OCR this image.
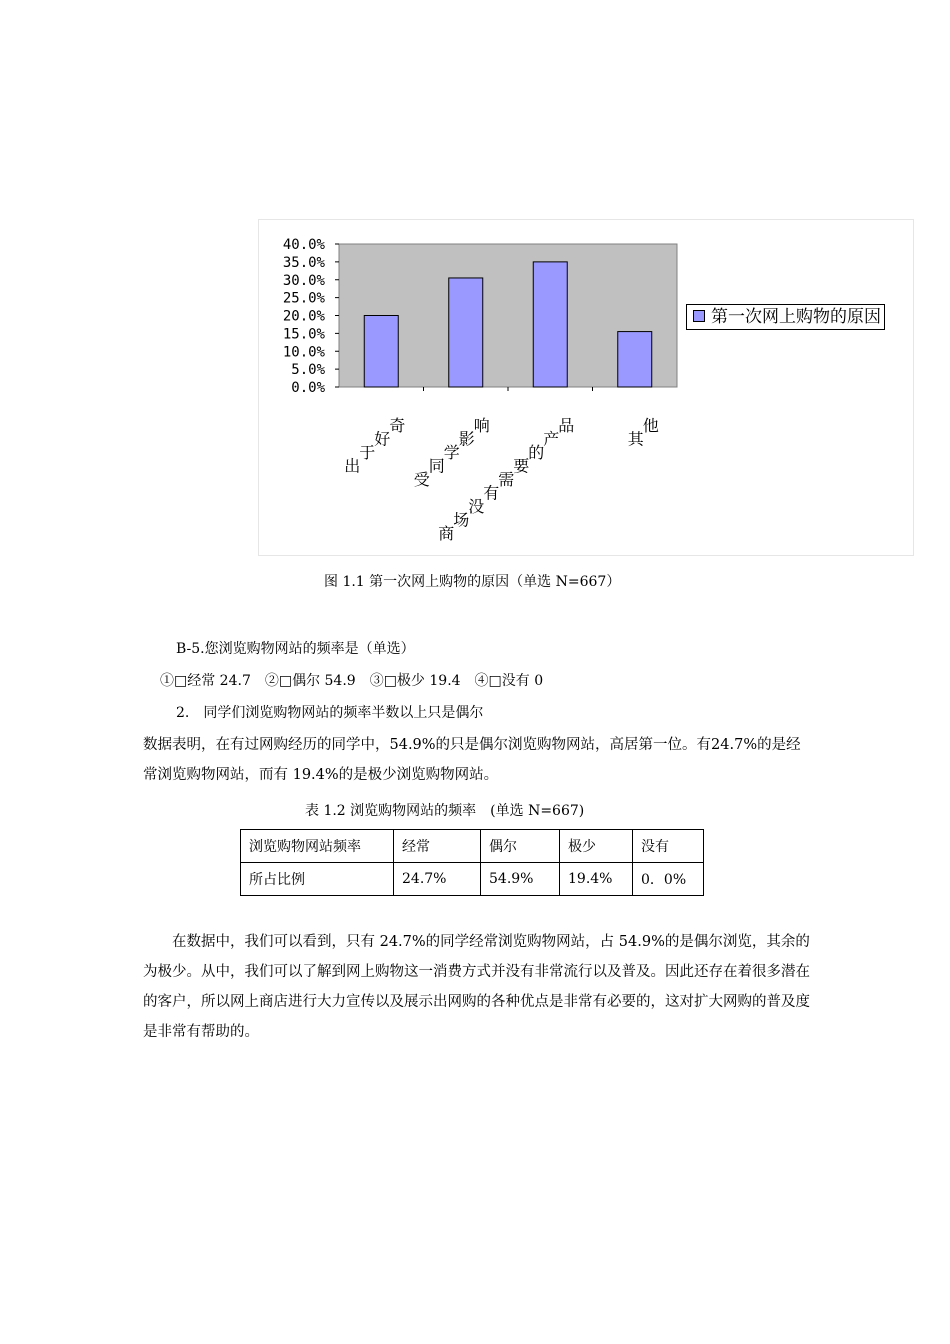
40.0%
35.0%
30.0%
25.0%
20.0%
15.0%
10.0%
5.0%
0.0%
出于好奇
受同学影响
商场没有需要的产品
其他
第一次网上购物的原因
图 1.1 第一次网上购物的原因（单选 N=667）
B-5.您浏览购物网站的频率是（单选）
①□经常 24.7　②□偶尔 54.9　③□极少 19.4　④□没有 0
2.　同学们浏览购物网站的频率半数以上只是偶尔
数据表明，在有过网购经历的同学中，54.9%的只是偶尔浏览购物网站，高居第一位。有24.7%的是经常浏览购物网站，而有 19.4%的是极少浏览购物网站。
表 1.2 浏览购物网站的频率　(单选 N=667)
浏览购物网站频率	经常	偶尔	极少	没有
所占比例	24.7%	54.9%	19.4%	0．0%
在数据中，我们可以看到，只有 24.7%的同学经常浏览购物网站，占 54.9%的是偶尔浏览，其余的为极少。从中，我们可以了解到网上购物这一消费方式并没有非常流行以及普及。因此还存在着很多潜在的客户，所以网上商店进行大力宣传以及展示出网购的各种优点是非常有必要的，这对扩大网购的普及度是非常有帮助的。
